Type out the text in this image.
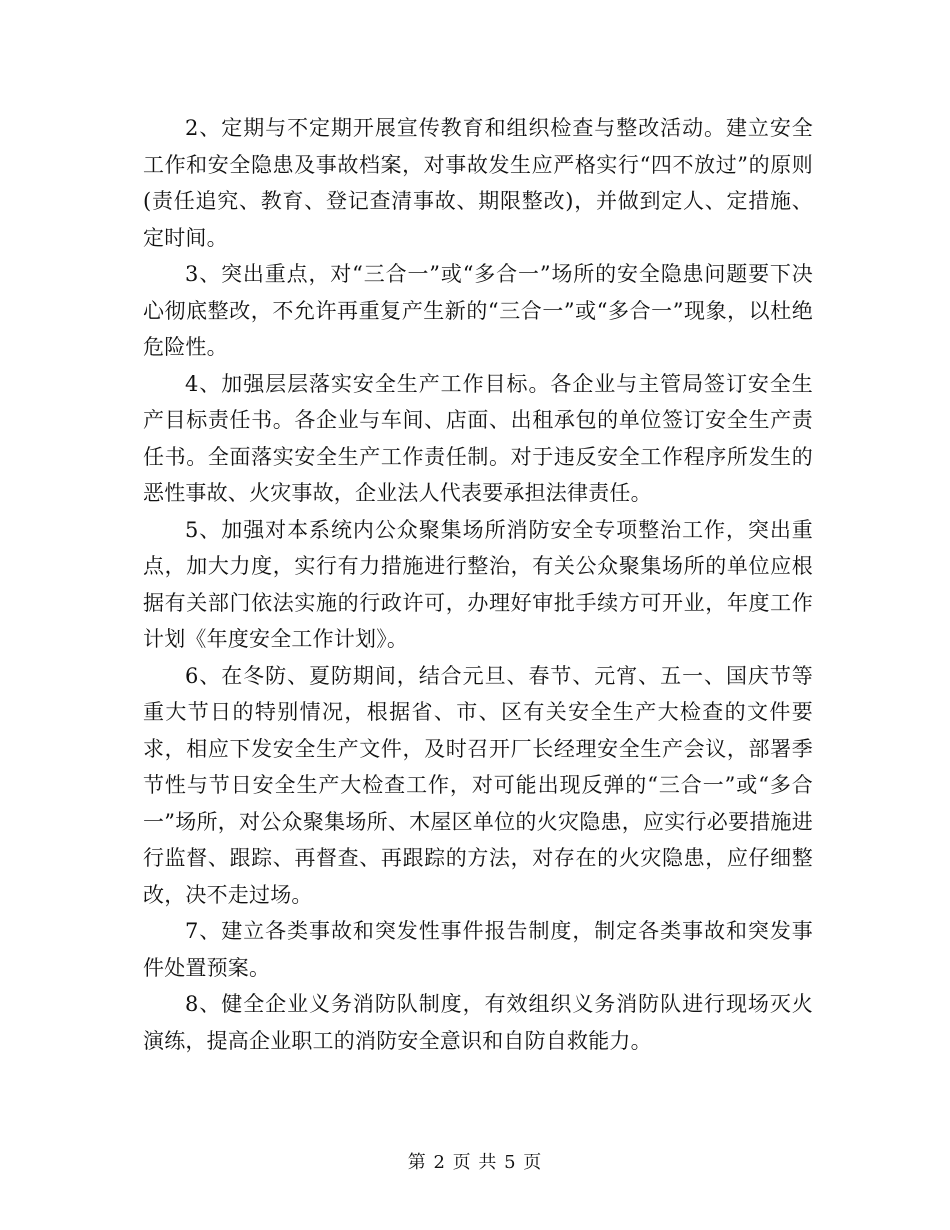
2、定期与不定期开展宣传教育和组织检查与整改活动。建立安全工作和安全隐患及事故档案，对事故发生应严格实行“四不放过”的原则(责任追究、教育、登记查清事故、期限整改)，并做到定人、定措施、定时间。

3、突出重点，对“三合一”或“多合一”场所的安全隐患问题要下决心彻底整改，不允许再重复产生新的“三合一”或“多合一”现象，以杜绝危险性。

4、加强层层落实安全生产工作目标。各企业与主管局签订安全生产目标责任书。各企业与车间、店面、出租承包的单位签订安全生产责任书。全面落实安全生产工作责任制。对于违反安全工作程序所发生的恶性事故、火灾事故，企业法人代表要承担法律责任。

5、加强对本系统内公众聚集场所消防安全专项整治工作，突出重点，加大力度，实行有力措施进行整治，有关公众聚集场所的单位应根据有关部门依法实施的行政许可，办理好审批手续方可开业，年度工作计划《年度安全工作计划》。

6、在冬防、夏防期间，结合元旦、春节、元宵、五一、国庆节等重大节日的特别情况，根据省、市、区有关安全生产大检查的文件要求，相应下发安全生产文件，及时召开厂长经理安全生产会议，部署季节性与节日安全生产大检查工作，对可能出现反弹的“三合一”或“多合一”场所，对公众聚集场所、木屋区单位的火灾隐患，应实行必要措施进行监督、跟踪、再督查、再跟踪的方法，对存在的火灾隐患，应仔细整改，决不走过场。

7、建立各类事故和突发性事件报告制度，制定各类事故和突发事件处置预案。

8、健全企业义务消防队制度，有效组织义务消防队进行现场灭火演练，提高企业职工的消防安全意识和自防自救能力。

第 2 页 共 5 页
